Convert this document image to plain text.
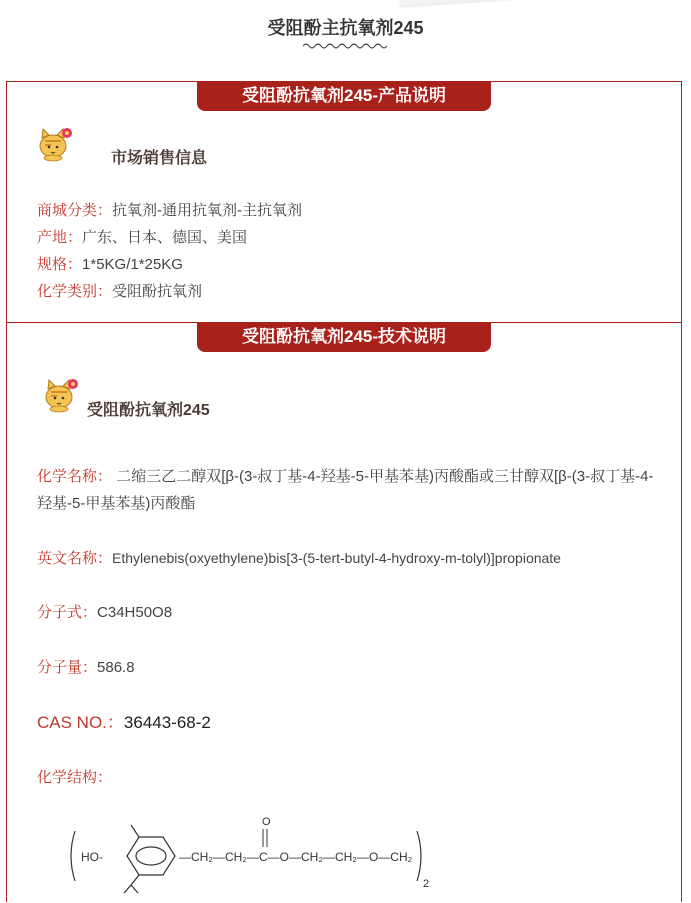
受阻酚主抗氧剂245
受阻酚抗氧剂245-产品说明
市场销售信息
商城分类：抗氧剂-通用抗氧剂-主抗氧剂
产地：广东、日本、德国、美国
规格：1*5KG/1*25KG
化学类别：受阻酚抗氧剂
受阻酚抗氧剂245-技术说明
受阻酚抗氧剂245
化学名称： 二缩三乙二醇双[β-(3-叔丁基-4-羟基-5-甲基苯基)丙酸酯或三甘醇双[β-(3-叔丁基-4-羟基-5-甲基苯基)丙酸酯
英文名称：Ethylenebis(oxyethylene)bis[3-(5-tert-butyl-4-hydroxy-m-tolyl)]propionate
分子式：C34H50O8
分子量：586.8
CAS NO.：36443-68-2
化学结构：
HO-	—CH₂—CH₂—C—O—CH₂—CH₂—O—CH₂
O
2
